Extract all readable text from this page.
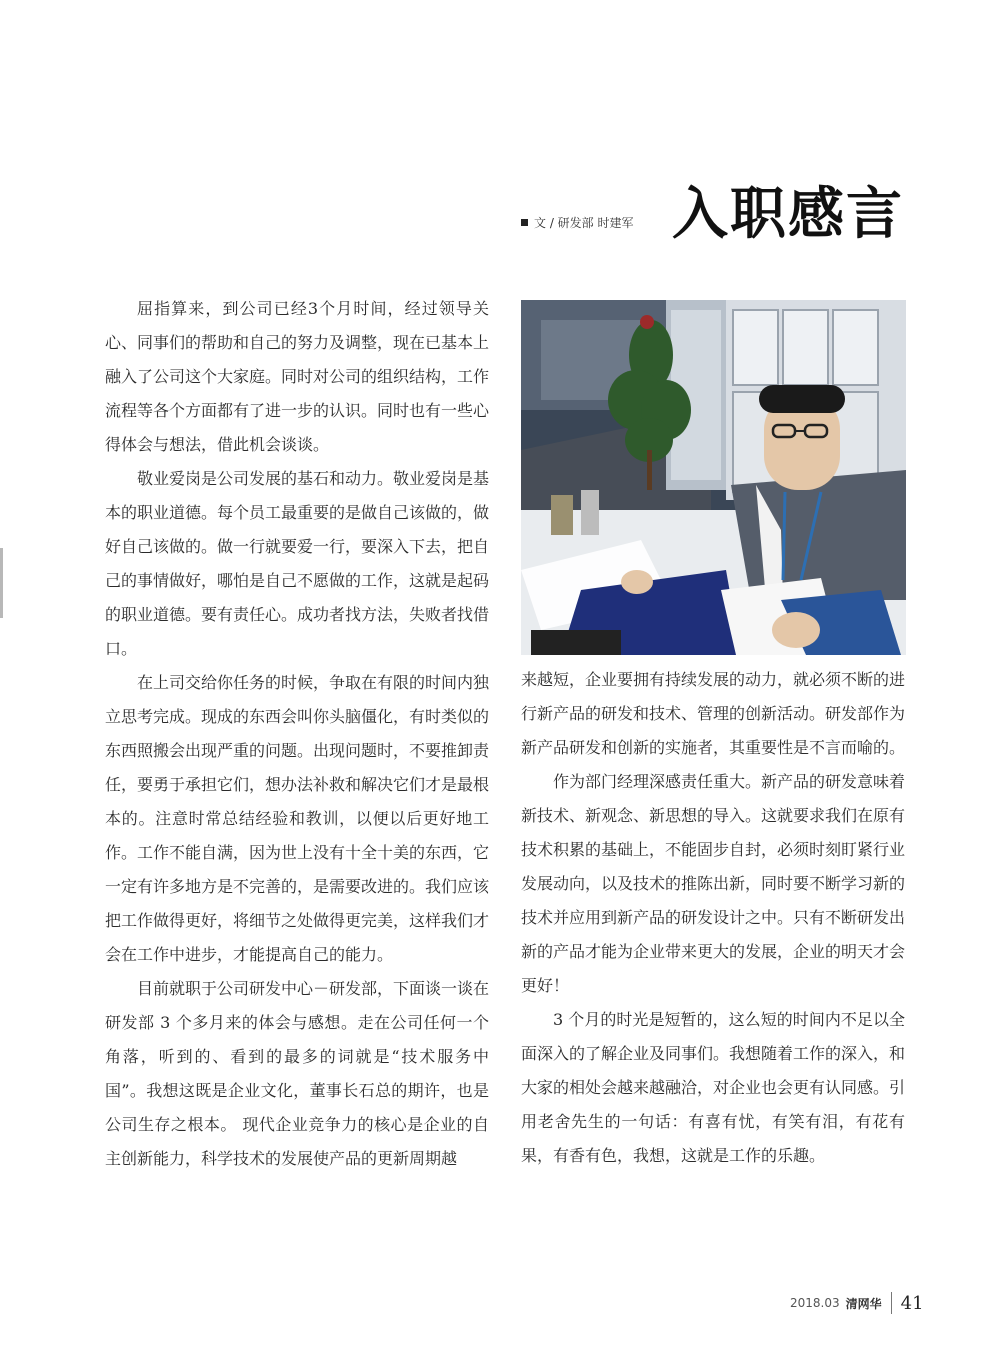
文 / 研发部 时建军 入职感言

屈指算来，到公司已经3个月时间，经过领导关心、同事们的帮助和自己的努力及调整，现在已基本上融入了公司这个大家庭。同时对公司的组织结构，工作流程等各个方面都有了进一步的认识。同时也有一些心得体会与想法，借此机会谈谈。

敬业爱岗是公司发展的基石和动力。敬业爱岗是基本的职业道德。每个员工最重要的是做自己该做的，做好自己该做的。做一行就要爱一行，要深入下去，把自己的事情做好，哪怕是自己不愿做的工作，这就是起码的职业道德。要有责任心。成功者找方法，失败者找借口。

在上司交给你任务的时候，争取在有限的时间内独立思考完成。现成的东西会叫你头脑僵化，有时类似的东西照搬会出现严重的问题。出现问题时，不要推卸责任，要勇于承担它们，想办法补救和解决它们才是最根本的。注意时常总结经验和教训，以便以后更好地工作。工作不能自满，因为世上没有十全十美的东西，它一定有许多地方是不完善的，是需要改进的。我们应该把工作做得更好，将细节之处做得更完美，这样我们才会在工作中进步，才能提高自己的能力。

目前就职于公司研发中心－研发部，下面谈一谈在研发部 3 个多月来的体会与感想。走在公司任何一个角落，听到的、看到的最多的词就是“技术服务中国”。我想这既是企业文化，董事长石总的期许，也是公司生存之根本。 现代企业竞争力的核心是企业的自主创新能力，科学技术的发展使产品的更新周期越

来越短，企业要拥有持续发展的动力，就必须不断的进行新产品的研发和技术、管理的创新活动。研发部作为新产品研发和创新的实施者，其重要性是不言而喻的。

作为部门经理深感责任重大。新产品的研发意味着新技术、新观念、新思想的导入。这就要求我们在原有技术积累的基础上，不能固步自封，必须时刻盯紧行业发展动向，以及技术的推陈出新，同时要不断学习新的技术并应用到新产品的研发设计之中。只有不断研发出新的产品才能为企业带来更大的发展，企业的明天才会更好！

3 个月的时光是短暂的，这么短的时间内不足以全面深入的了解企业及同事们。我想随着工作的深入，和大家的相处会越来越融洽，对企业也会更有认同感。引用老舍先生的一句话：有喜有忧，有笑有泪，有花有果，有香有色，我想，这就是工作的乐趣。

2018.03 清网华 41
